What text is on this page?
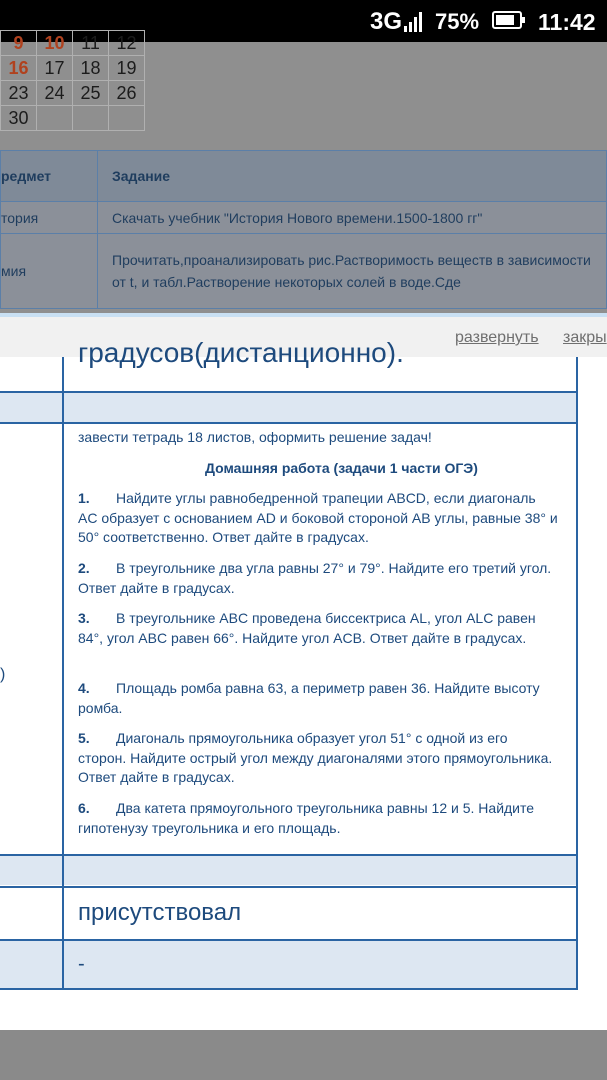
3G 75%	11:42
9	10	11	12
16	17	18	19
23	24	25	26
30			
редмет	Задание
тория	Скачать учебник "История Нового времени.1500-1800 гг"
мия	Прочитать,проанализировать рис.Растворимость веществ в зависимости от t, и табл.Растворение некоторых солей в воде.Сде
развернуть закры
градусов(дистанционно).
)
завести тетрадь 18 листов, оформить решение задач!
Домашняя работа (задачи 1 части ОГЭ)
1. Найдите углы равнобедренной трапеции ABCD, если диагональ AC образует с основанием AD и боковой стороной AB углы, равные 38° и 50° соответственно. Ответ дайте в градусах.
2. В треугольнике два угла равны 27° и 79°. Найдите его третий угол. Ответ дайте в градусах.
3. В треугольнике ABC проведена биссектриса AL, угол ALC равен 84°, угол ABC равен 66°. Найдите угол ACB. Ответ дайте в градусах.
4. Площадь ромба равна 63, а периметр равен 36. Найдите высоту ромба.
5. Диагональ прямоугольника образует угол 51° с одной из его сторон. Найдите острый угол между диагоналями этого прямоугольника. Ответ дайте в градусах.
6. Два катета прямоугольного треугольника равны 12 и 5. Найдите гипотенузу треугольника и его площадь.
присутствовал
-
